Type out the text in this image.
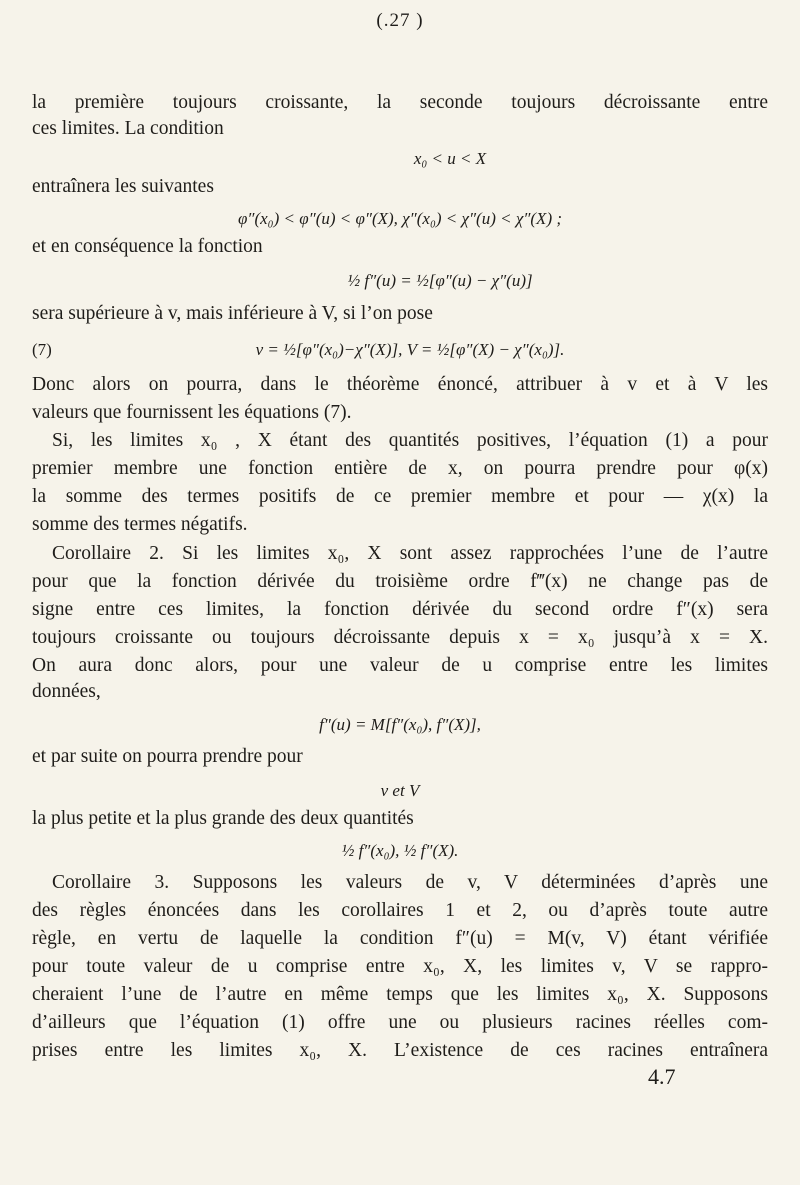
(.27 )
la première toujours croissante, la seconde toujours décroissante entre
ces limites. La condition
x₀ < u < X
entraînera les suivantes
φ″(x₀) < φ″(u) < φ″(X), χ″(x₀) < χ″(u) < χ″(X) ;
et en conséquence la fonction
½ f″(u) = ½[φ″(u) − χ″(u)]
sera supérieure à v, mais inférieure à V, si l’on pose
(7)	v = ½[φ″(x₀)−χ″(X)], V = ½[φ″(X) − χ″(x₀)].
Donc alors on pourra, dans le théorème énoncé, attribuer à v et à V les
valeurs que fournissent les équations (7).
Si, les limites x₀ , X étant des quantités positives, l’équation (1) a pour
premier membre une fonction entière de x, on pourra prendre pour φ(x)
la somme des termes positifs de ce premier membre et pour — χ(x) la
somme des termes négatifs.
Corollaire 2. Si les limites x₀, X sont assez rapprochées l’une de l’autre
pour que la fonction dérivée du troisième ordre f‴(x) ne change pas de
signe entre ces limites, la fonction dérivée du second ordre f″(x) sera
toujours croissante ou toujours décroissante depuis x = x₀ jusqu’à x = X.
On aura donc alors, pour une valeur de u comprise entre les limites
données,
f″(u) = M[f″(x₀), f″(X)],
et par suite on pourra prendre pour
v et V
la plus petite et la plus grande des deux quantités
½ f″(x₀), ½ f″(X).
Corollaire 3. Supposons les valeurs de v, V déterminées d’après une
des règles énoncées dans les corollaires 1 et 2, ou d’après toute autre
règle, en vertu de laquelle la condition f″(u) = M(v, V) étant vérifiée
pour toute valeur de u comprise entre x₀, X, les limites v, V se rappro-
cheraient l’une de l’autre en même temps que les limites x₀, X. Supposons
d’ailleurs que l’équation (1) offre une ou plusieurs racines réelles com-
prises entre les limites x₀, X. L’existence de ces racines entraînera
4.7
